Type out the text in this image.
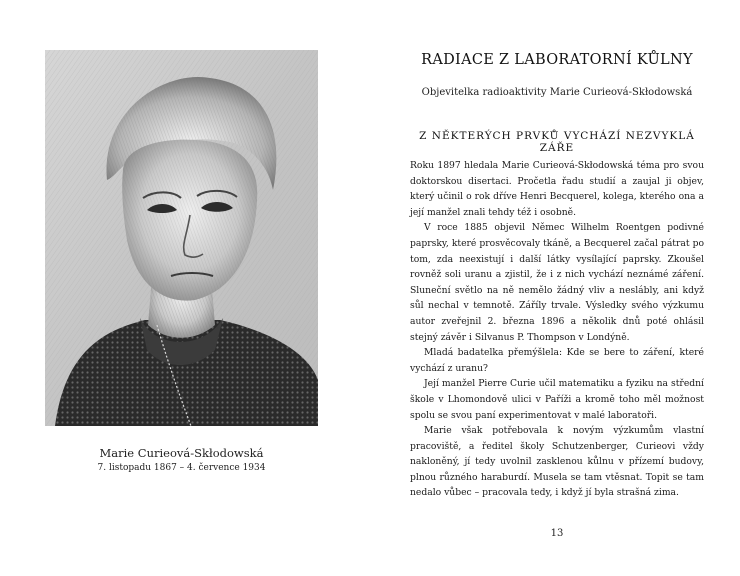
Marie Curieová-Skłodowská
7. listopadu 1867 – 4. července 1934
RADIACE Z LABORATORNÍ KŮLNY
Objevitelka radioaktivity Marie Curieová-Skłodowská
Z NĚKTERÝCH PRVKŮ VYCHÁZÍ NEZVYKLÁ ZÁŘE

Roku 1897 hledala Marie Curieová-Skłodowská téma pro svou doktorskou disertaci. Pročetla řadu studií a zaujal ji objev, který učinil o rok dříve Henri Becquerel, kolega, kterého ona a její manžel znali tehdy též i osobně.

V roce 1885 objevil Němec Wilhelm Roentgen podivné paprsky, které prosvěcovaly tkáně, a Becquerel začal pátrat po tom, zda neexistují i další látky vysílající paprsky. Zkoušel rovněž soli uranu a zjistil, že i z nich vychází neznámé záření. Sluneční světlo na ně nemělo žádný vliv a neslábly, ani když sůl nechal v temnotě. Záříly trvale. Výsledky svého výzkumu autor zveřejnil 2. března 1896 a několik dnů poté ohlásil stejný závěr i Silvanus P. Thompson v Londýně.

Mladá badatelka přemýšlela: Kde se bere to záření, které vychází z uranu?

Její manžel Pierre Curie učil matematiku a fyziku na střední škole v Lhomondově ulici v Paříži a kromě toho měl možnost spolu se svou paní experimentovat v malé laboratoři.

Marie však potřebovala k novým výzkumům vlastní pracoviště, a ředitel školy Schutzenberger, Curieovi vždy nakloněný, jí tedy uvolnil zasklenou kůlnu v přízemí budovy, plnou různého haraburdí. Musela se tam vtěsnat. Topit se tam nedalo vůbec – pracovala tedy, i když jí byla strašná zima.

13
